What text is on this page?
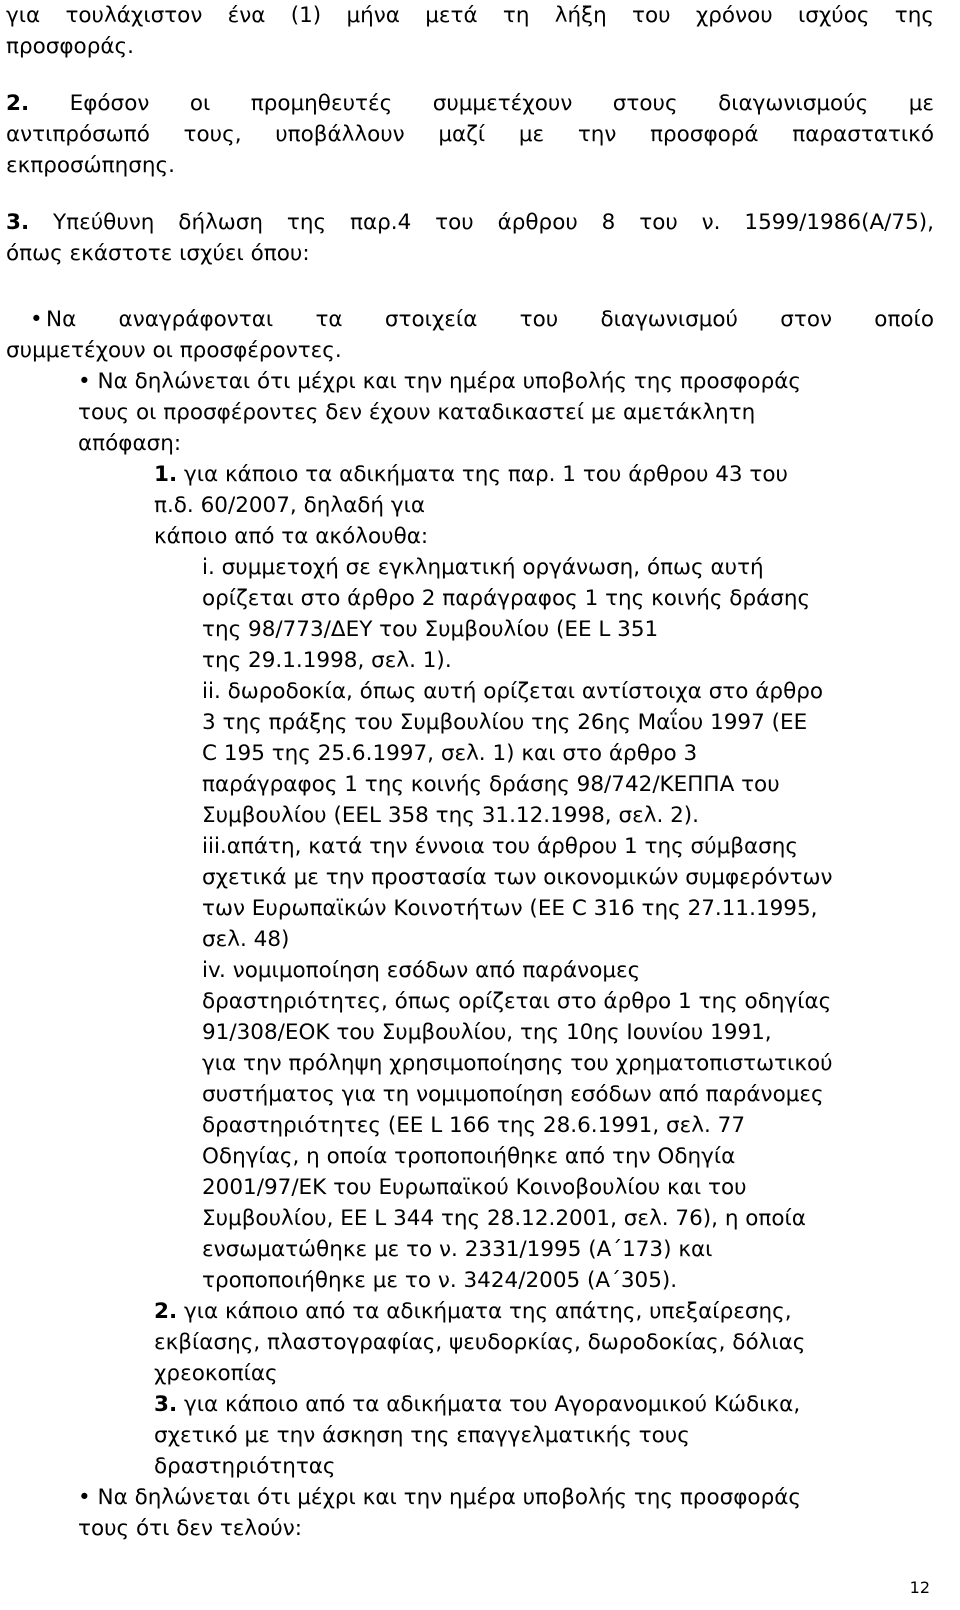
για τουλάχιστον ένα (1) μήνα μετά τη λήξη του χρόνου ισχύος της
προσφοράς.
2. Εφόσον οι προμηθευτές συμμετέχουν στους διαγωνισμούς με
αντιπρόσωπό τους, υποβάλλουν μαζί με την προσφορά παραστατικό
εκπροσώπησης.
3. Υπεύθυνη δήλωση της παρ.4 του άρθρου 8 του ν. 1599/1986(Α/75),
όπως εκάστοτε ισχύει όπου:
• Να αναγράφονται τα στοιχεία του διαγωνισμού στον οποίο
συμμετέχουν οι προσφέροντες.
• Να δηλώνεται ότι μέχρι και την ημέρα υποβολής της προσφοράς
τους οι προσφέροντες δεν έχουν καταδικαστεί με αμετάκλητη
απόφαση:
1. για κάποιο τα αδικήματα της παρ. 1 του άρθρου 43 του
π.δ. 60/2007, δηλαδή για
κάποιο από τα ακόλουθα:
i. συμμετοχή σε εγκληματική οργάνωση, όπως αυτή
ορίζεται στο άρθρο 2 παράγραφος 1 της κοινής δράσης
της 98/773/ΔΕΥ του Συμβουλίου (ΕΕ L 351
της 29.1.1998, σελ. 1).
ii. δωροδοκία, όπως αυτή ορίζεται αντίστοιχα στο άρθρο
3 της πράξης του Συμβουλίου της 26ης Μαΐου 1997 (ΕΕ
C 195 της 25.6.1997, σελ. 1) και στο άρθρο 3
παράγραφος 1 της κοινής δράσης 98/742/ΚΕΠΠΑ του
Συμβουλίου (EEL 358 της 31.12.1998, σελ. 2).
iii.απάτη, κατά την έννοια του άρθρου 1 της σύμβασης
σχετικά με την προστασία των οικονομικών συμφερόντων
των Ευρωπαϊκών Κοινοτήτων (ΕΕ C 316 της 27.11.1995,
σελ. 48)
iv. νομιμοποίηση εσόδων από παράνομες
δραστηριότητες, όπως ορίζεται στο άρθρο 1 της οδηγίας
91/308/ΕΟΚ του Συμβουλίου, της 10ης Ιουνίου 1991,
για την πρόληψη χρησιμοποίησης του χρηματοπιστωτικού
συστήματος για τη νομιμοποίηση εσόδων από παράνομες
δραστηριότητες (ΕΕ L 166 της 28.6.1991, σελ. 77
Οδηγίας, η οποία τροποποιήθηκε από την Οδηγία
2001/97/ΕΚ του Ευρωπαϊκού Κοινοβουλίου και του
Συμβουλίου, ΕΕ L 344 της 28.12.2001, σελ. 76), η οποία
ενσωματώθηκε με το ν. 2331/1995 (Α΄173) και
τροποποιήθηκε με το ν. 3424/2005 (Α΄305).
2. για κάποιο από τα αδικήματα της απάτης, υπεξαίρεσης,
εκβίασης, πλαστογραφίας, ψευδορκίας, δωροδοκίας, δόλιας
χρεοκοπίας
3. για κάποιο από τα αδικήματα του Αγορανομικού Κώδικα,
σχετικό με την άσκηση της επαγγελματικής τους
δραστηριότητας
• Να δηλώνεται ότι μέχρι και την ημέρα υποβολής της προσφοράς
τους ότι δεν τελούν:
12
